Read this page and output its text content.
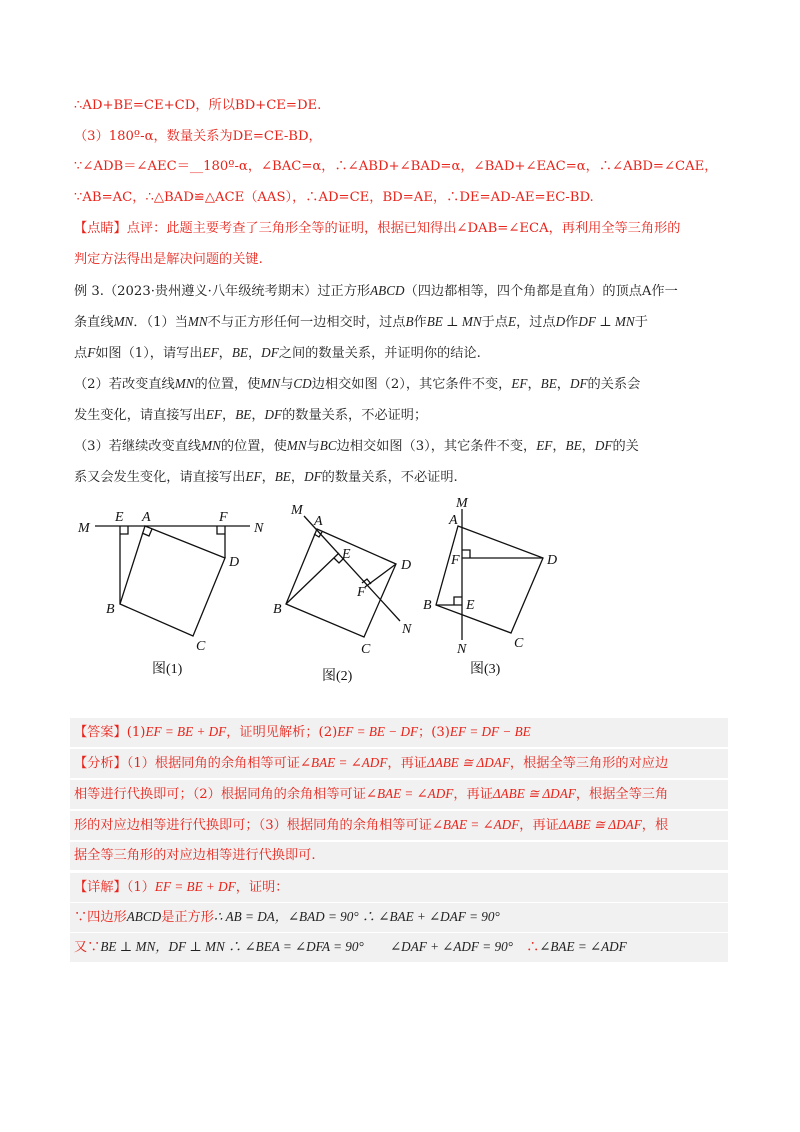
∴AD+BE=CE+CD，所以BD+CE=DE.
（3）180º-α，数量关系为DE=CE-BD，
∵∠ADB＝∠AEC＝__180º-α，∠BAC=α，∴∠ABD+∠BAD=α，∠BAD+∠EAC=α，∴∠ABD=∠CAE，
∵AB=AC，∴△BAD≌△ACE（AAS），∴AD=CE，BD=AE，∴DE=AD-AE=EC-BD.
【点睛】点评：此题主要考查了三角形全等的证明，根据已知得出∠DAB=∠ECA，再利用全等三角形的
判定方法得出是解决问题的关键.
例 3.（2023·贵州遵义·八年级统考期末）过正方形ABCD（四边都相等，四个角都是直角）的顶点A作一
条直线MN．（1）当MN不与正方形任何一边相交时，过点B作BE ⊥ MN于点E，过点D作DF ⊥ MN于
点F如图（1），请写出EF，BE，DF之间的数量关系，并证明你的结论.
（2）若改变直线MN的位置，使MN与CD边相交如图（2），其它条件不变，EF，BE，DF的关系会
发生变化，请直接写出EF，BE，DF的数量关系，不必证明；
（3）若继续改变直线MN的位置，使MN与BC边相交如图（3），其它条件不变，EF，BE，DF的关
系又会发生变化，请直接写出EF，BE，DF的数量关系，不必证明.
M
E A	F
N
D
B
C
图(1)
M
A
E
D
F
B
N
C
图(2)
M
A
F	D
B E
N	C
图(3)
【答案】(1)EF = BE + DF，证明见解析；(2)EF = BE − DF；(3)EF = DF − BE
【分析】（1）根据同角的余角相等可证∠BAE = ∠ADF，再证ΔABE ≅ ΔDAF，根据全等三角形的对应边
相等进行代换即可；（2）根据同角的余角相等可证∠BAE = ∠ADF，再证ΔABE ≅ ΔDAF，根据全等三角
形的对应边相等进行代换即可；（3）根据同角的余角相等可证∠BAE = ∠ADF，再证ΔABE ≅ ΔDAF，根
据全等三角形的对应边相等进行代换即可.
【详解】（1）EF = BE + DF，证明：
∵四边形ABCD是正方形∴ AB = DA，∠BAD = 90° ∴ ∠BAE + ∠DAF = 90°
又∵BE ⊥ MN，DF ⊥ MN ∴ ∠BEA = ∠DFA = 90°　　∠DAF + ∠ADF = 90°　 ∴∠BAE = ∠ADF
